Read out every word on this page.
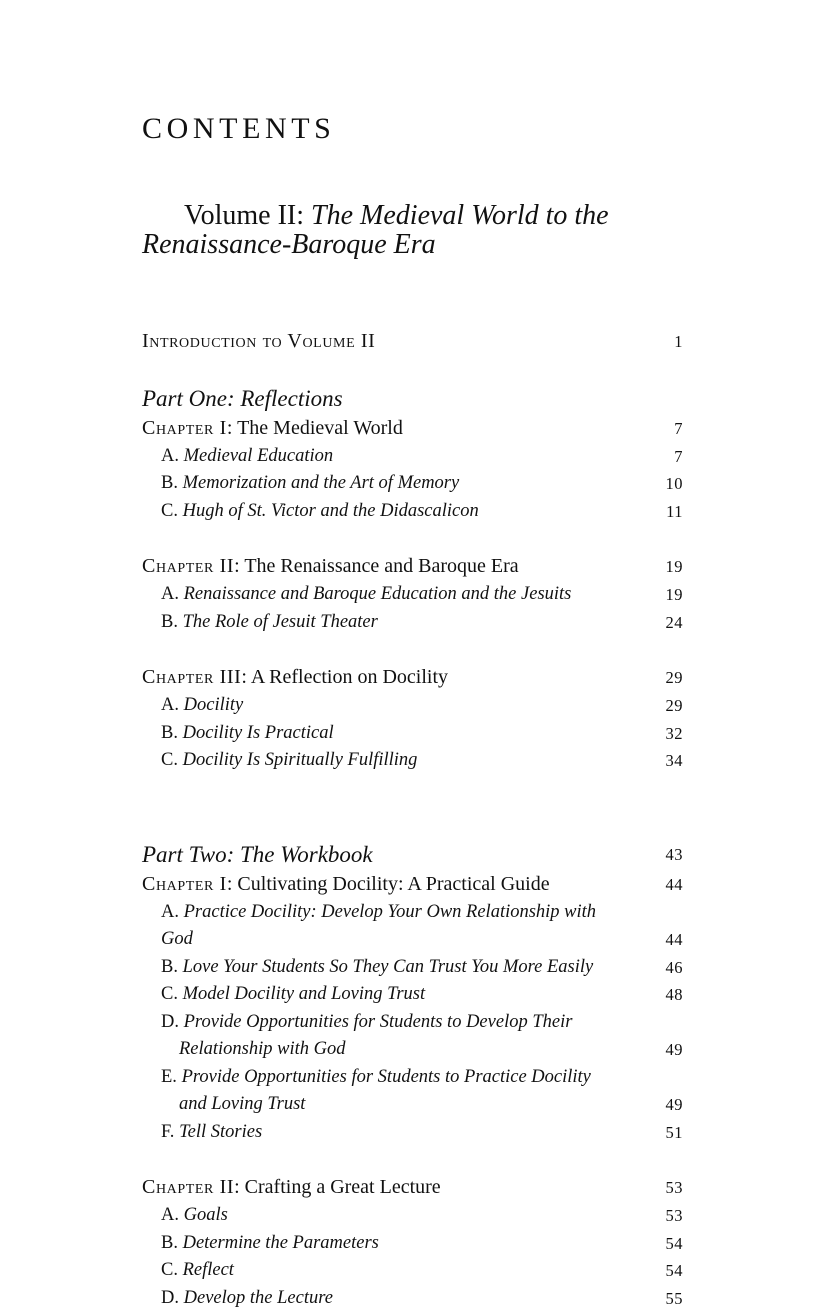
CONTENTS

Volume II: The Medieval World to the Renaissance-Baroque Era

Introduction to Volume II	1
Part One: Reflections
Chapter I: The Medieval World	7
A. Medieval Education	7
B. Memorization and the Art of Memory	10
C. Hugh of St. Victor and the Didascalicon	11
Chapter II: The Renaissance and Baroque Era	19
A. Renaissance and Baroque Education and the Jesuits	19
B. The Role of Jesuit Theater	24
Chapter III: A Reflection on Docility	29
A. Docility	29
B. Docility Is Practical	32
C. Docility Is Spiritually Fulfilling	34
Part Two: The Workbook	43
Chapter I: Cultivating Docility: A Practical Guide	44
A. Practice Docility: Develop Your Own Relationship with God	44
B. Love Your Students So They Can Trust You More Easily	46
C. Model Docility and Loving Trust	48
D. Provide Opportunities for Students to Develop Their Relationship with God	49
E. Provide Opportunities for Students to Practice Docility and Loving Trust	49
F. Tell Stories	51
Chapter II: Crafting a Great Lecture	53
A. Goals	53
B. Determine the Parameters	54
C. Reflect	54
D. Develop the Lecture	55
